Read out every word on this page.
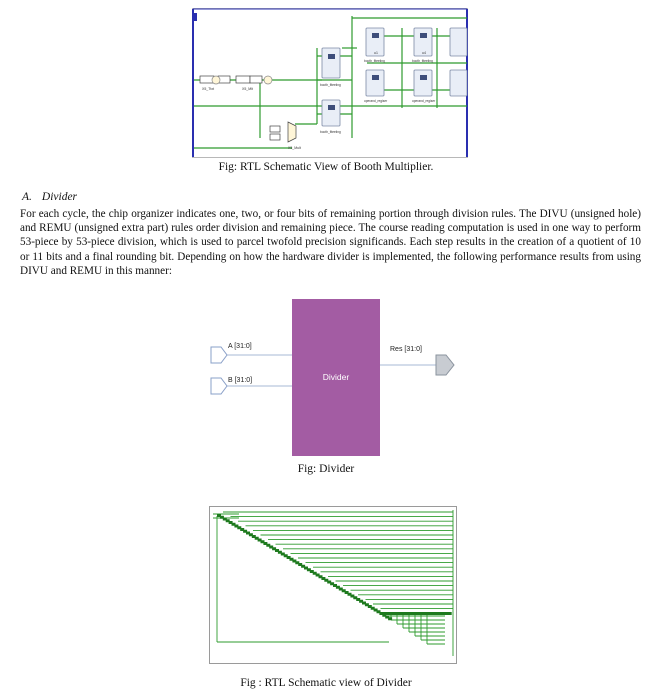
X5_Ttxt	X5_Mlt
X5_Mult
u1	u4
booth_fiteeiing
booth_fiteeiing
booth_fiteeiing	booth_fiteeiing
operand_regiser	operand_regiser
Fig: RTL Schematic View of Booth Multiplier.
A. Divider
For each cycle, the chip organizer indicates one, two, or four bits of remaining portion through division rules. The DIVU (unsigned hole) and REMU (unsigned extra part) rules order division and remaining piece. The course reading computation is used in one way to perform 53-piece by 53-piece division, which is used to parcel twofold precision significands. Each step results in the creation of a quotient of 10 or 11 bits and a final rounding bit. Depending on how the hardware divider is implemented, the following performance results from using DIVU and REMU in this manner:
Divider
A [31:0]
B [31:0]
Res [31:0]
Fig: Divider
Fig : RTL Schematic view of Divider
